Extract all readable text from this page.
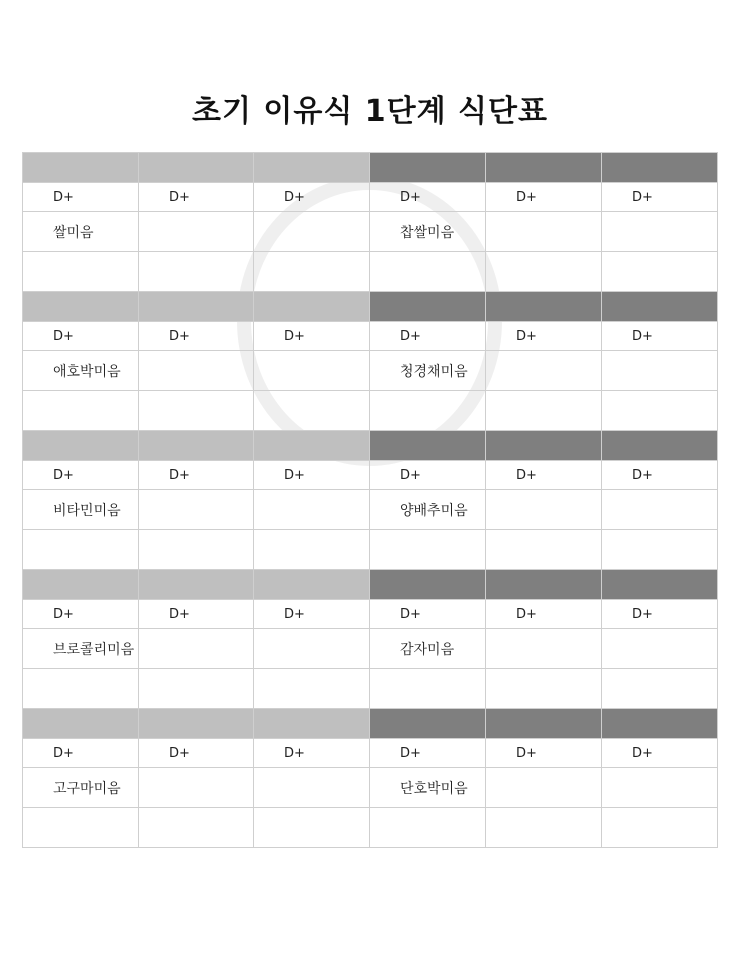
초기 이유식 1단계 식단표

D+	D+	D+	D+	D+	D+
쌀미음			찹쌀미음		

D+	D+	D+	D+	D+	D+
애호박미음			청경채미음		

D+	D+	D+	D+	D+	D+
비타민미음			양배추미음		

D+	D+	D+	D+	D+	D+
브로콜리미음			감자미음		

D+	D+	D+	D+	D+	D+
고구마미음			단호박미음		
